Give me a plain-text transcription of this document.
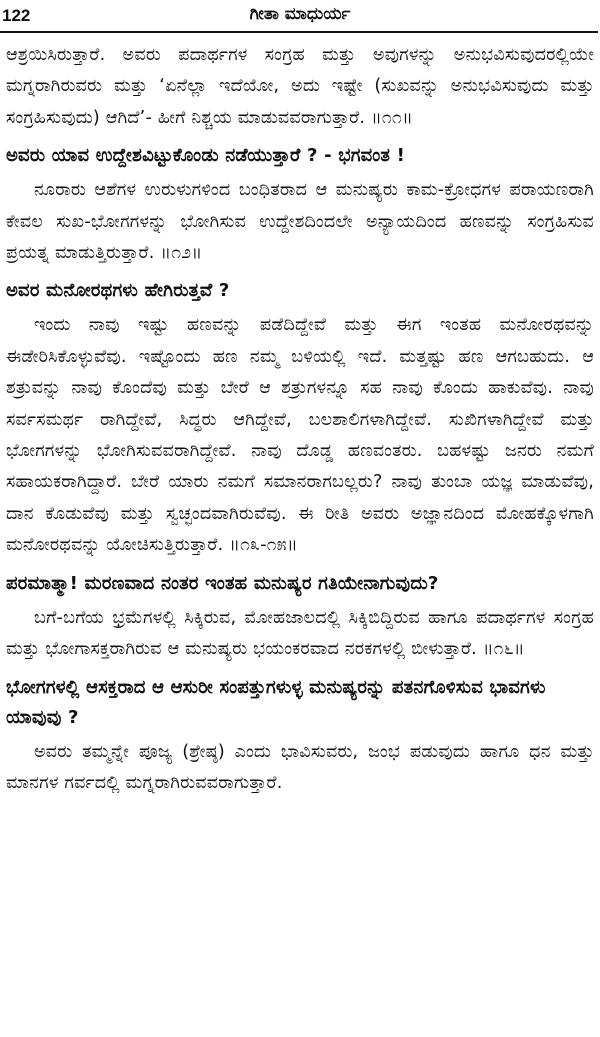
122	ಗೀತಾ ಮಾಧುರ್ಯ

ಆಶ್ರಯಿಸಿರುತ್ತಾರೆ. ಅವರು ಪದಾರ್ಥಗಳ ಸಂಗ್ರಹ ಮತ್ತು ಅವುಗಳನ್ನು ಅನುಭವಿಸುವುದರಲ್ಲಿಯೇ ಮಗ್ನರಾಗಿರುವರು ಮತ್ತು ‘ಏನೆಲ್ಲಾ ಇದೆಯೋ, ಅದು ಇಷ್ಟೇ (ಸುಖವನ್ನು ಅನುಭವಿಸುವುದು ಮತ್ತು ಸಂಗ್ರಹಿಸುವುದು) ಆಗಿದೆ’- ಹೀಗೆ ನಿಶ್ಚಯ ಮಾಡುವವರಾಗುತ್ತಾರೆ. ॥೧೧॥

ಅವರು ಯಾವ ಉದ್ದೇಶವಿಟ್ಟುಕೊಂಡು ನಡೆಯುತ್ತಾರೆ ? - ಭಗವಂತ !

ನೂರಾರು ಆಶೆಗಳ ಉರುಳುಗಳಿಂದ ಬಂಧಿತರಾದ ಆ ಮನುಷ್ಯರು ಕಾಮ-ಕ್ರೋಧಗಳ ಪರಾಯಣರಾಗಿ ಕೇವಲ ಸುಖ-ಭೋಗಗಳನ್ನು ಭೋಗಿಸುವ ಉದ್ದೇಶದಿಂದಲೇ ಅನ್ಯಾಯದಿಂದ ಹಣವನ್ನು ಸಂಗ್ರಹಿಸುವ ಪ್ರಯತ್ನ ಮಾಡುತ್ತಿರುತ್ತಾರೆ. ॥೧೨॥

ಅವರ ಮನೋರಥಗಳು ಹೇಗಿರುತ್ತವೆ ?

ಇಂದು ನಾವು ಇಷ್ಟು ಹಣವನ್ನು ಪಡೆದಿದ್ದೇವೆ ಮತ್ತು ಈಗ ಇಂತಹ ಮನೋರಥವನ್ನು ಈಡೇರಿಸಿಕೊಳ್ಳುವೆವು. ಇಷ್ಟೊಂದು ಹಣ ನಮ್ಮ ಬಳಿಯಲ್ಲಿ ಇದೆ. ಮತ್ತಷ್ಟು ಹಣ ಆಗಬಹುದು. ಆ ಶತ್ರುವನ್ನು ನಾವು ಕೊಂದೆವು ಮತ್ತು ಬೇರೆ ಆ ಶತ್ರುಗಳನ್ನೂ ಸಹ ನಾವು ಕೊಂದು ಹಾಕುವೆವು. ನಾವು ಸರ್ವಸಮರ್ಥ ರಾಗಿದ್ದೇವೆ, ಸಿದ್ಧರು ಆಗಿದ್ದೇವೆ, ಬಲಶಾಲಿಗಳಾಗಿದ್ದೇವೆ. ಸುಖಿಗಳಾಗಿದ್ದೇವೆ ಮತ್ತು ಭೋಗಗಳನ್ನು ಭೋಗಿಸುವವರಾಗಿದ್ದೇವೆ. ನಾವು ದೊಡ್ಡ ಹಣವಂತರು. ಬಹಳಷ್ಟು ಜನರು ನಮಗೆ ಸಹಾಯಕರಾಗಿದ್ದಾರೆ. ಬೇರೆ ಯಾರು ನಮಗೆ ಸಮಾನರಾಗಬಲ್ಲರು? ನಾವು ತುಂಬಾ ಯಜ್ಞ ಮಾಡುವೆವು, ದಾನ ಕೊಡುವೆವು ಮತ್ತು ಸ್ವಚ್ಛಂದವಾಗಿರುವೆವು. ಈ ರೀತಿ ಅವರು ಅಜ್ಞಾನದಿಂದ ಮೋಹಕ್ಕೊಳಗಾಗಿ ಮನೋರಥವನ್ನು ಯೋಚಿಸುತ್ತಿರುತ್ತಾರೆ. ॥೧೩-೧೫॥

ಪರಮಾತ್ಮಾ! ಮರಣವಾದ ನಂತರ ಇಂತಹ ಮನುಷ್ಯರ ಗತಿಯೇನಾಗುವುದು?

ಬಗೆ-ಬಗೆಯ ಭ್ರಮೆಗಳಲ್ಲಿ ಸಿಕ್ಕಿರುವ, ಮೋಹಜಾಲದಲ್ಲಿ ಸಿಕ್ಕಿಬಿದ್ದಿರುವ ಹಾಗೂ ಪದಾರ್ಥಗಳ ಸಂಗ್ರಹ ಮತ್ತು ಭೋಗಾಸಕ್ತರಾಗಿರುವ ಆ ಮನುಷ್ಯರು ಭಯಂಕರವಾದ ನರಕಗಳಲ್ಲಿ ಬೀಳುತ್ತಾರೆ. ॥೧೬॥

ಭೋಗಗಳಲ್ಲಿ ಆಸಕ್ತರಾದ ಆ ಆಸುರೀ ಸಂಪತ್ತುಗಳುಳ್ಳ ಮನುಷ್ಯರನ್ನು ಪತನಗೊಳಿಸುವ ಭಾವಗಳು ಯಾವುವು ?

ಅವರು ತಮ್ಮನ್ನೇ ಪೂಜ್ಯ (ಶ್ರೇಷ್ಠ) ಎಂದು ಭಾವಿಸುವರು, ಜಂಭ ಪಡುವುದು ಹಾಗೂ ಧನ ಮತ್ತು ಮಾನಗಳ ಗರ್ವದಲ್ಲಿ ಮಗ್ನರಾಗಿರುವವರಾಗುತ್ತಾರೆ.
